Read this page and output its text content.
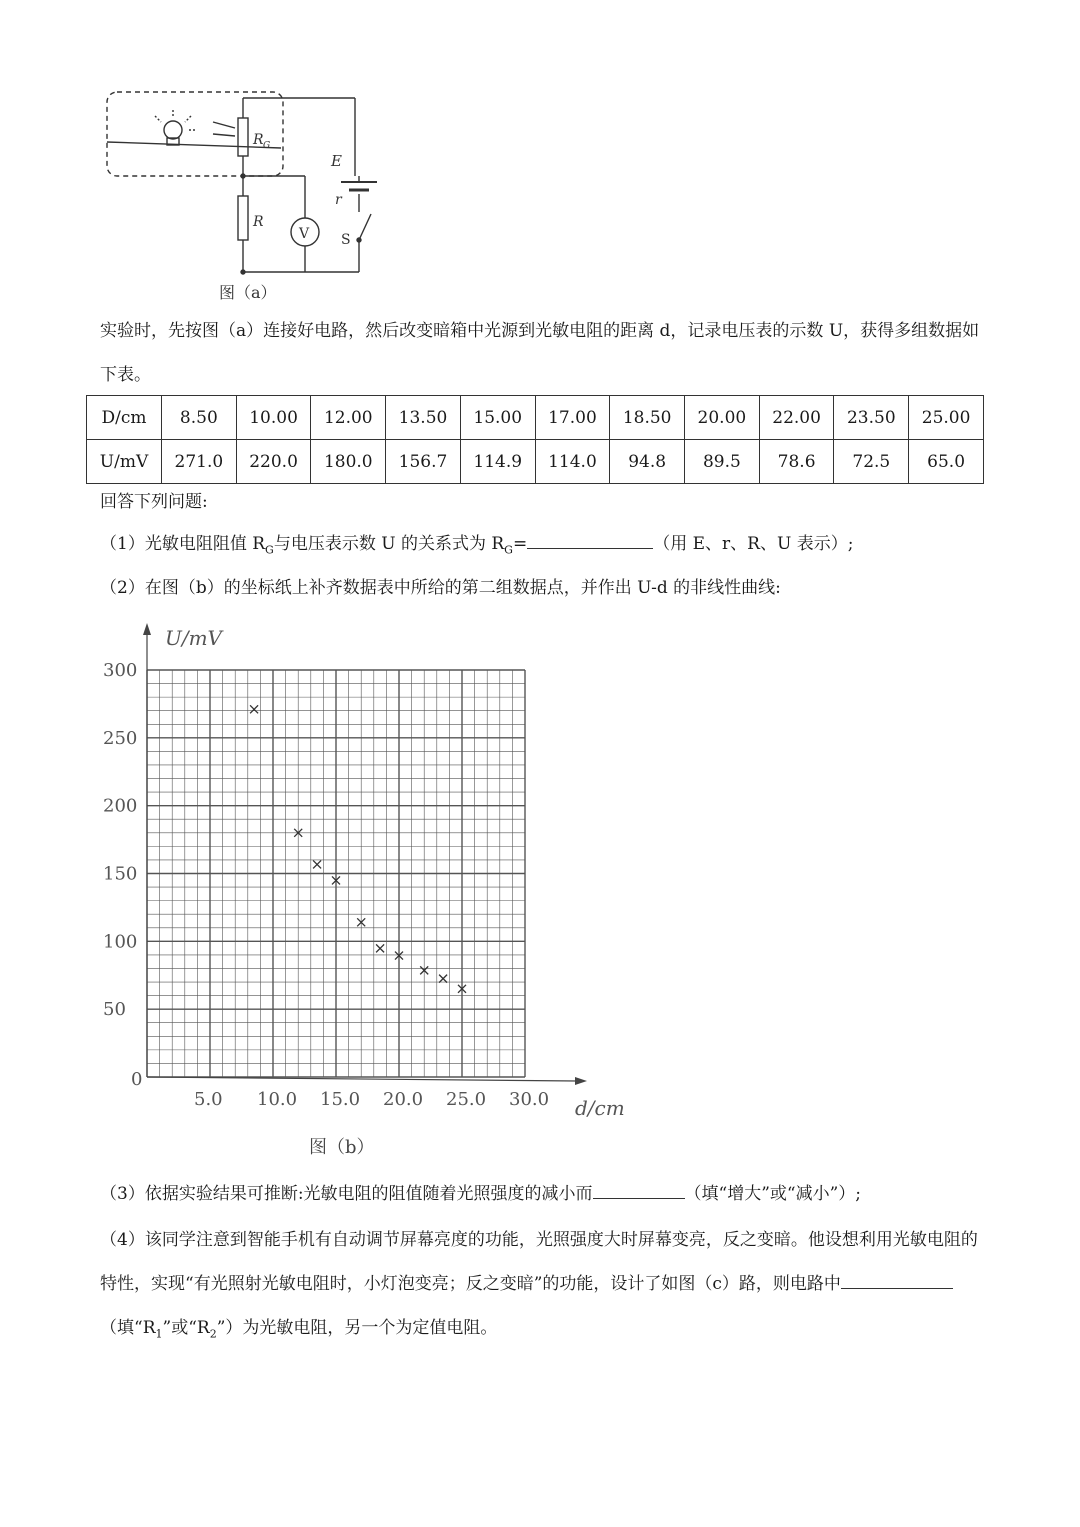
R G
R
V
E
r
S
图（a）

实验时，先按图（a）连接好电路，然后改变暗箱中光源到光敏电阻的距离 d，记录电压表的示数 U，获得多组数据如下表。

D/cm	8.50	10.00	12.00	13.50	15.00	17.00	18.50	20.00	22.00	23.50	25.00
U/mV	271.0	220.0	180.0	156.7	114.9	114.0	94.8	89.5	78.6	72.5	65.0

回答下列问题:

（1）光敏电阻阻值 $R_G$与电压表示数 U 的关系式为 $R_G=$	（用 E、r、R、U 表示）;

（2）在图（b）的坐标纸上补齐数据表中所给的第二组数据点，并作出 U-d 的非线性曲线:

5.0 10.0 15.0 20.0 25.0 30.0
50
100
150
200
250
300
U/mV
d/cm
0
图（b）

（3）依据实验结果可推断:光敏电阻的阻值随着光照强度的减小而	（填“增大”或“减小”）;

（4）该同学注意到智能手机有自动调节屏幕亮度的功能，光照强度大时屏幕变亮，反之变暗。他设想利用光敏电阻的特性，实现“有光照射光敏电阻时，小灯泡变亮；反之变暗”的功能，设计了如图（c）路，则电路中（填“$R_1$”或“$R_2$”）为光敏电阻，另一个为定值电阻。
